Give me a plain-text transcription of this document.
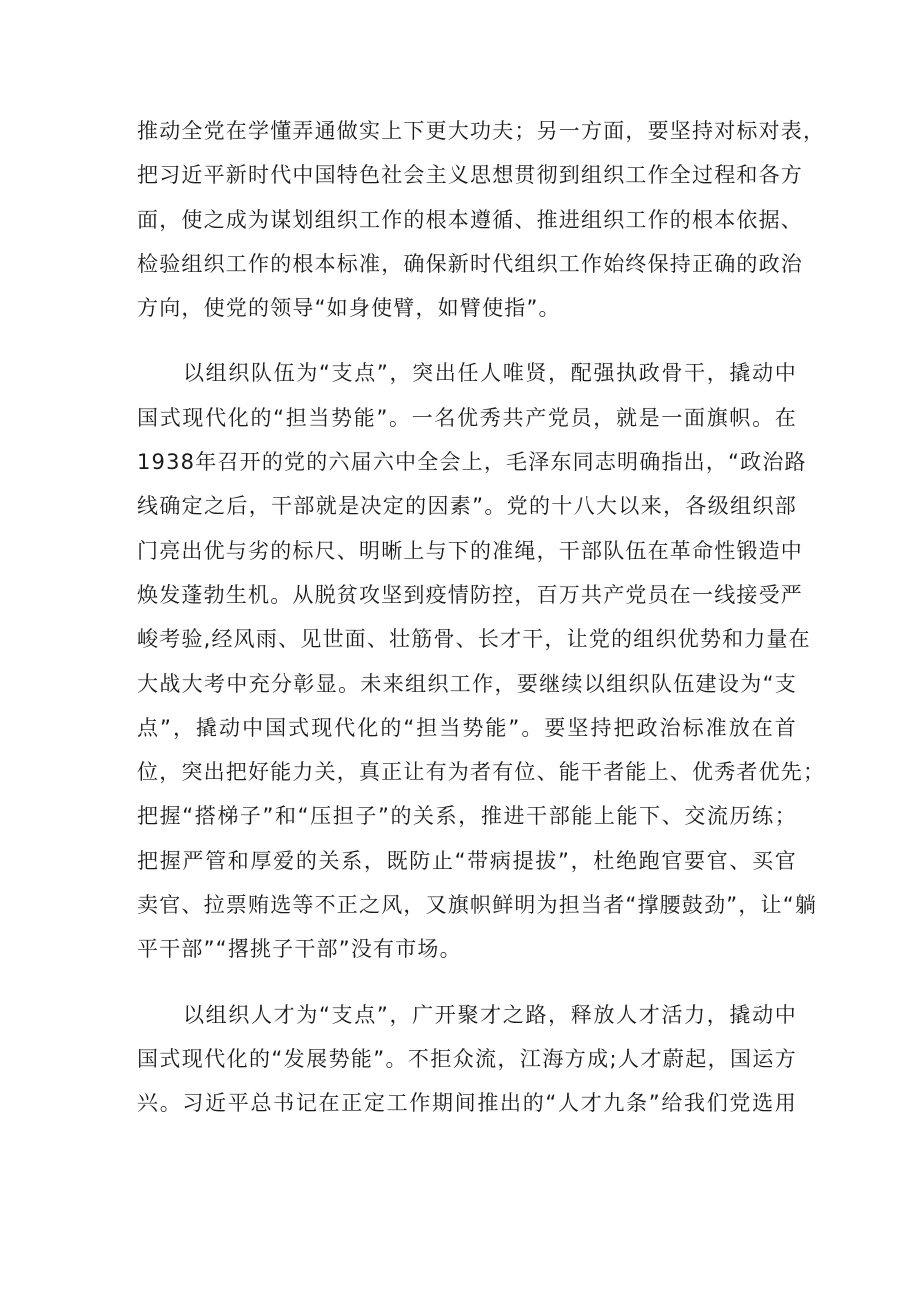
推动全党在学懂弄通做实上下更大功夫；另一方面，要坚持对标对表，
把习近平新时代中国特色社会主义思想贯彻到组织工作全过程和各方
面，使之成为谋划组织工作的根本遵循、推进组织工作的根本依据、
检验组织工作的根本标准，确保新时代组织工作始终保持正确的政治
方向，使党的领导“如身使臂，如臂使指”。
以组织队伍为“支点”，突出任人唯贤，配强执政骨干，撬动中
国式现代化的“担当势能”。一名优秀共产党员，就是一面旗帜。在
1938年召开的党的六届六中全会上，毛泽东同志明确指出，“政治路
线确定之后，干部就是决定的因素”。党的十八大以来，各级组织部
门亮出优与劣的标尺、明晰上与下的准绳，干部队伍在革命性锻造中
焕发蓬勃生机。从脱贫攻坚到疫情防控，百万共产党员在一线接受严
峻考验,经风雨、见世面、壮筋骨、长才干，让党的组织优势和力量在
大战大考中充分彰显。未来组织工作，要继续以组织队伍建设为“支
点”，撬动中国式现代化的“担当势能”。要坚持把政治标准放在首
位，突出把好能力关，真正让有为者有位、能干者能上、优秀者优先；
把握“搭梯子”和“压担子”的关系，推进干部能上能下、交流历练；
把握严管和厚爱的关系，既防止“带病提拔”，杜绝跑官要官、买官
卖官、拉票贿选等不正之风，又旗帜鲜明为担当者“撑腰鼓劲”，让“躺
平干部”“撂挑子干部”没有市场。
以组织人才为“支点”，广开聚才之路，释放人才活力，撬动中
国式现代化的“发展势能”。不拒众流，江海方成;人才蔚起，国运方
兴。习近平总书记在正定工作期间推出的“人才九条”给我们党选用
